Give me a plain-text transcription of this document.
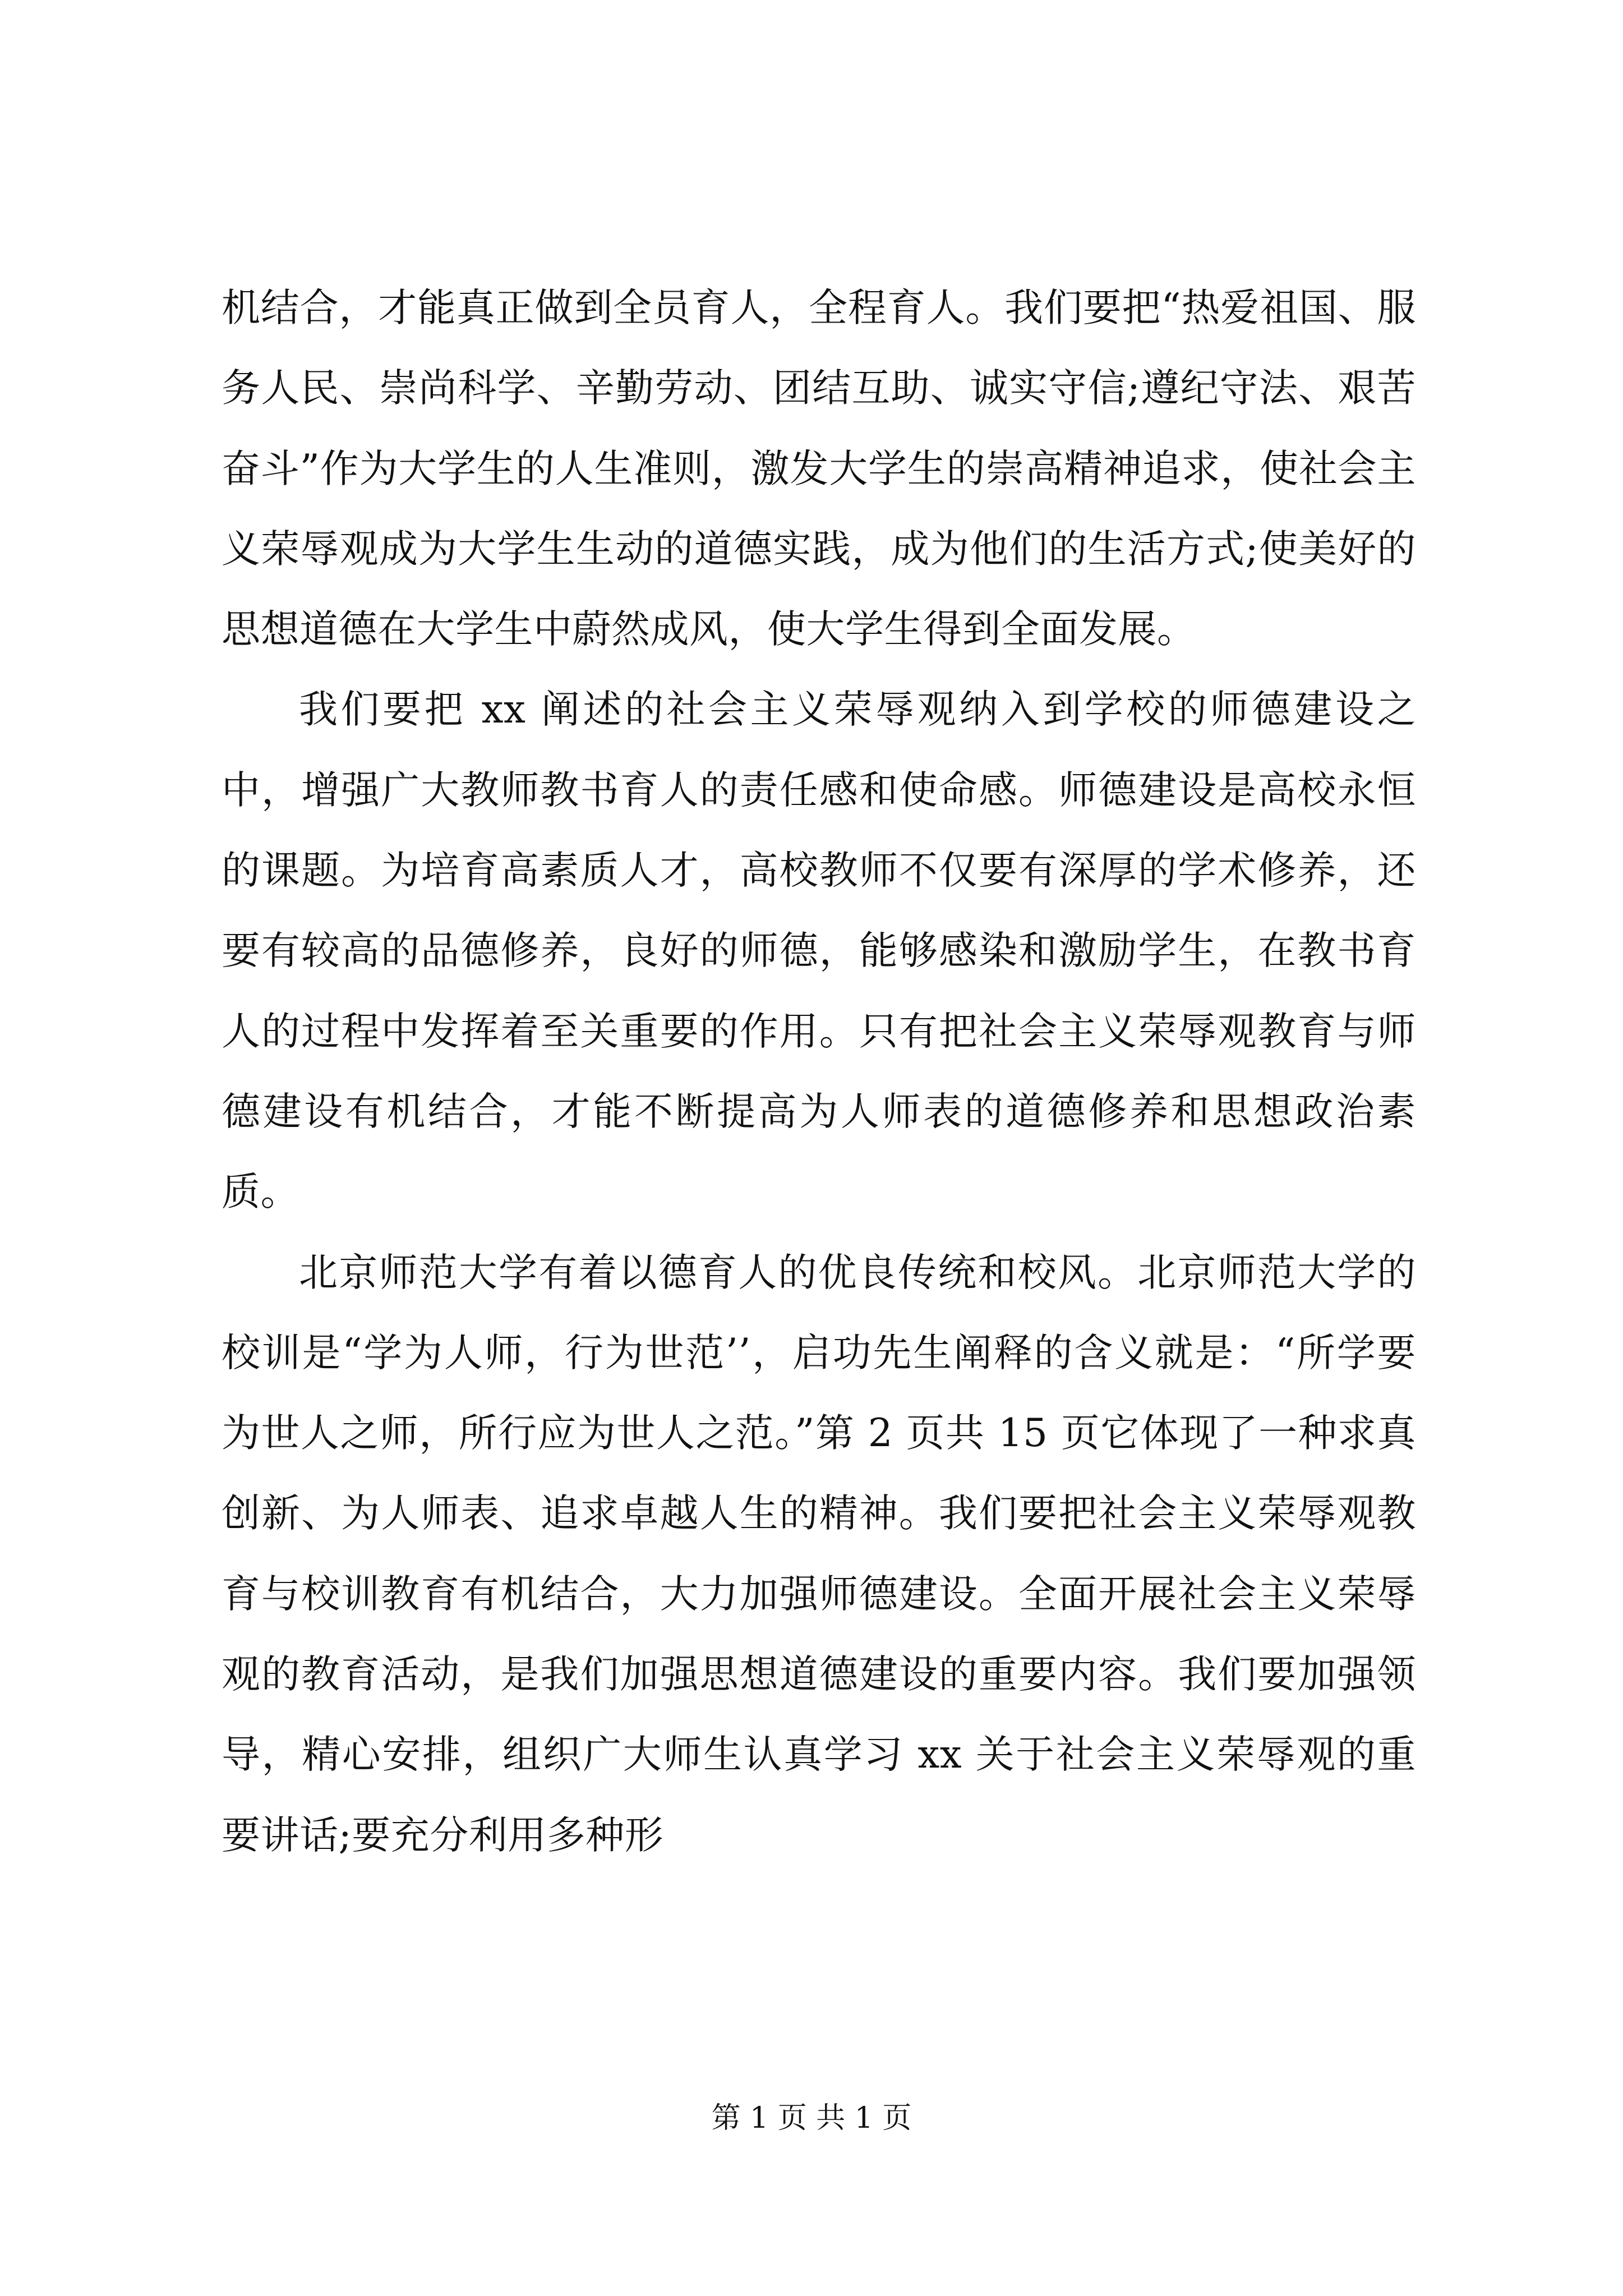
机结合，才能真正做到全员育人，全程育人。我们要把“热爱祖国、服务人民、崇尚科学、辛勤劳动、团结互助、诚实守信;遵纪守法、艰苦奋斗”作为大学生的人生准则，激发大学生的崇高精神追求，使社会主义荣辱观成为大学生生动的道德实践，成为他们的生活方式;使美好的思想道德在大学生中蔚然成风，使大学生得到全面发展。

我们要把 xx 阐述的社会主义荣辱观纳入到学校的师德建设之中，增强广大教师教书育人的责任感和使命感。师德建设是高校永恒的课题。为培育高素质人才，高校教师不仅要有深厚的学术修养，还要有较高的品德修养，良好的师德，能够感染和激励学生，在教书育人的过程中发挥着至关重要的作用。只有把社会主义荣辱观教育与师德建设有机结合，才能不断提高为人师表的道德修养和思想政治素质。

北京师范大学有着以德育人的优良传统和校风。北京师范大学的校训是“学为人师，行为世范’’，启功先生阐释的含义就是：“所学要为世人之师，所行应为世人之范。”第 2 页共 15 页它体现了一种求真创新、为人师表、追求卓越人生的精神。我们要把社会主义荣辱观教育与校训教育有机结合，大力加强师德建设。全面开展社会主义荣辱观的教育活动，是我们加强思想道德建设的重要内容。我们要加强领导，精心安排，组织广大师生认真学习 xx 关于社会主义荣辱观的重要讲话;要充分利用多种形

第 1 页 共 1 页
